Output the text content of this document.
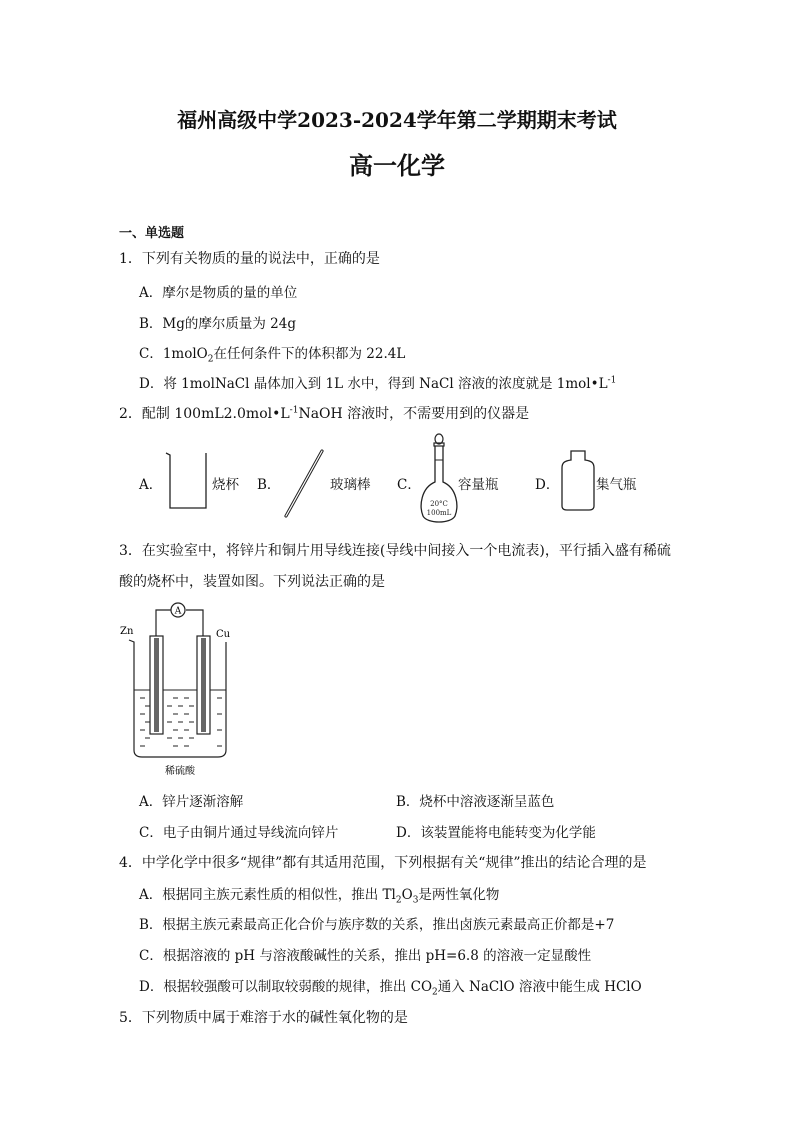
福州高级中学2023-2024学年第二学期期末考试
高一化学
一、单选题
1．下列有关物质的量的说法中，正确的是
A．摩尔是物质的量的单位
B．Mg的摩尔质量为 24g
C．1molO$_2$在任何条件下的体积都为 22.4L
D．将 1molNaCl 晶体加入到 1L 水中，得到 NaCl 溶液的浓度就是 $1mol•L^{-1}$
2．配制 $100mL2.0mol•L^{-1}NaOH$ 溶液时，不需要用到的仪器是
A．	烧杯 B．	玻璃棒 C．
20°C
100mL
容量瓶	D．	集气瓶
3．在实验室中，将锌片和铜片用导线连接(导线中间接入一个电流表)，平行插入盛有稀硫
酸的烧杯中，装置如图。下列说法正确的是
A
Zn	Cu
稀硫酸
A．锌片逐渐溶解	B．烧杯中溶液逐渐呈蓝色
C．电子由铜片通过导线流向锌片	D．该装置能将电能转变为化学能
4．中学化学中很多“规律”都有其适用范围，下列根据有关“规律”推出的结论合理的是
A．根据同主族元素性质的相似性，推出 $Tl_2O_3$是两性氧化物
B．根据主族元素最高正化合价与族序数的关系，推出卤族元素最高正价都是+7
C．根据溶液的 pH 与溶液酸碱性的关系，推出 pH=6.8 的溶液一定显酸性
D．根据较强酸可以制取较弱酸的规律，推出 $CO_2$通入 NaClO 溶液中能生成 HClO
5．下列物质中属于难溶于水的碱性氧化物的是
